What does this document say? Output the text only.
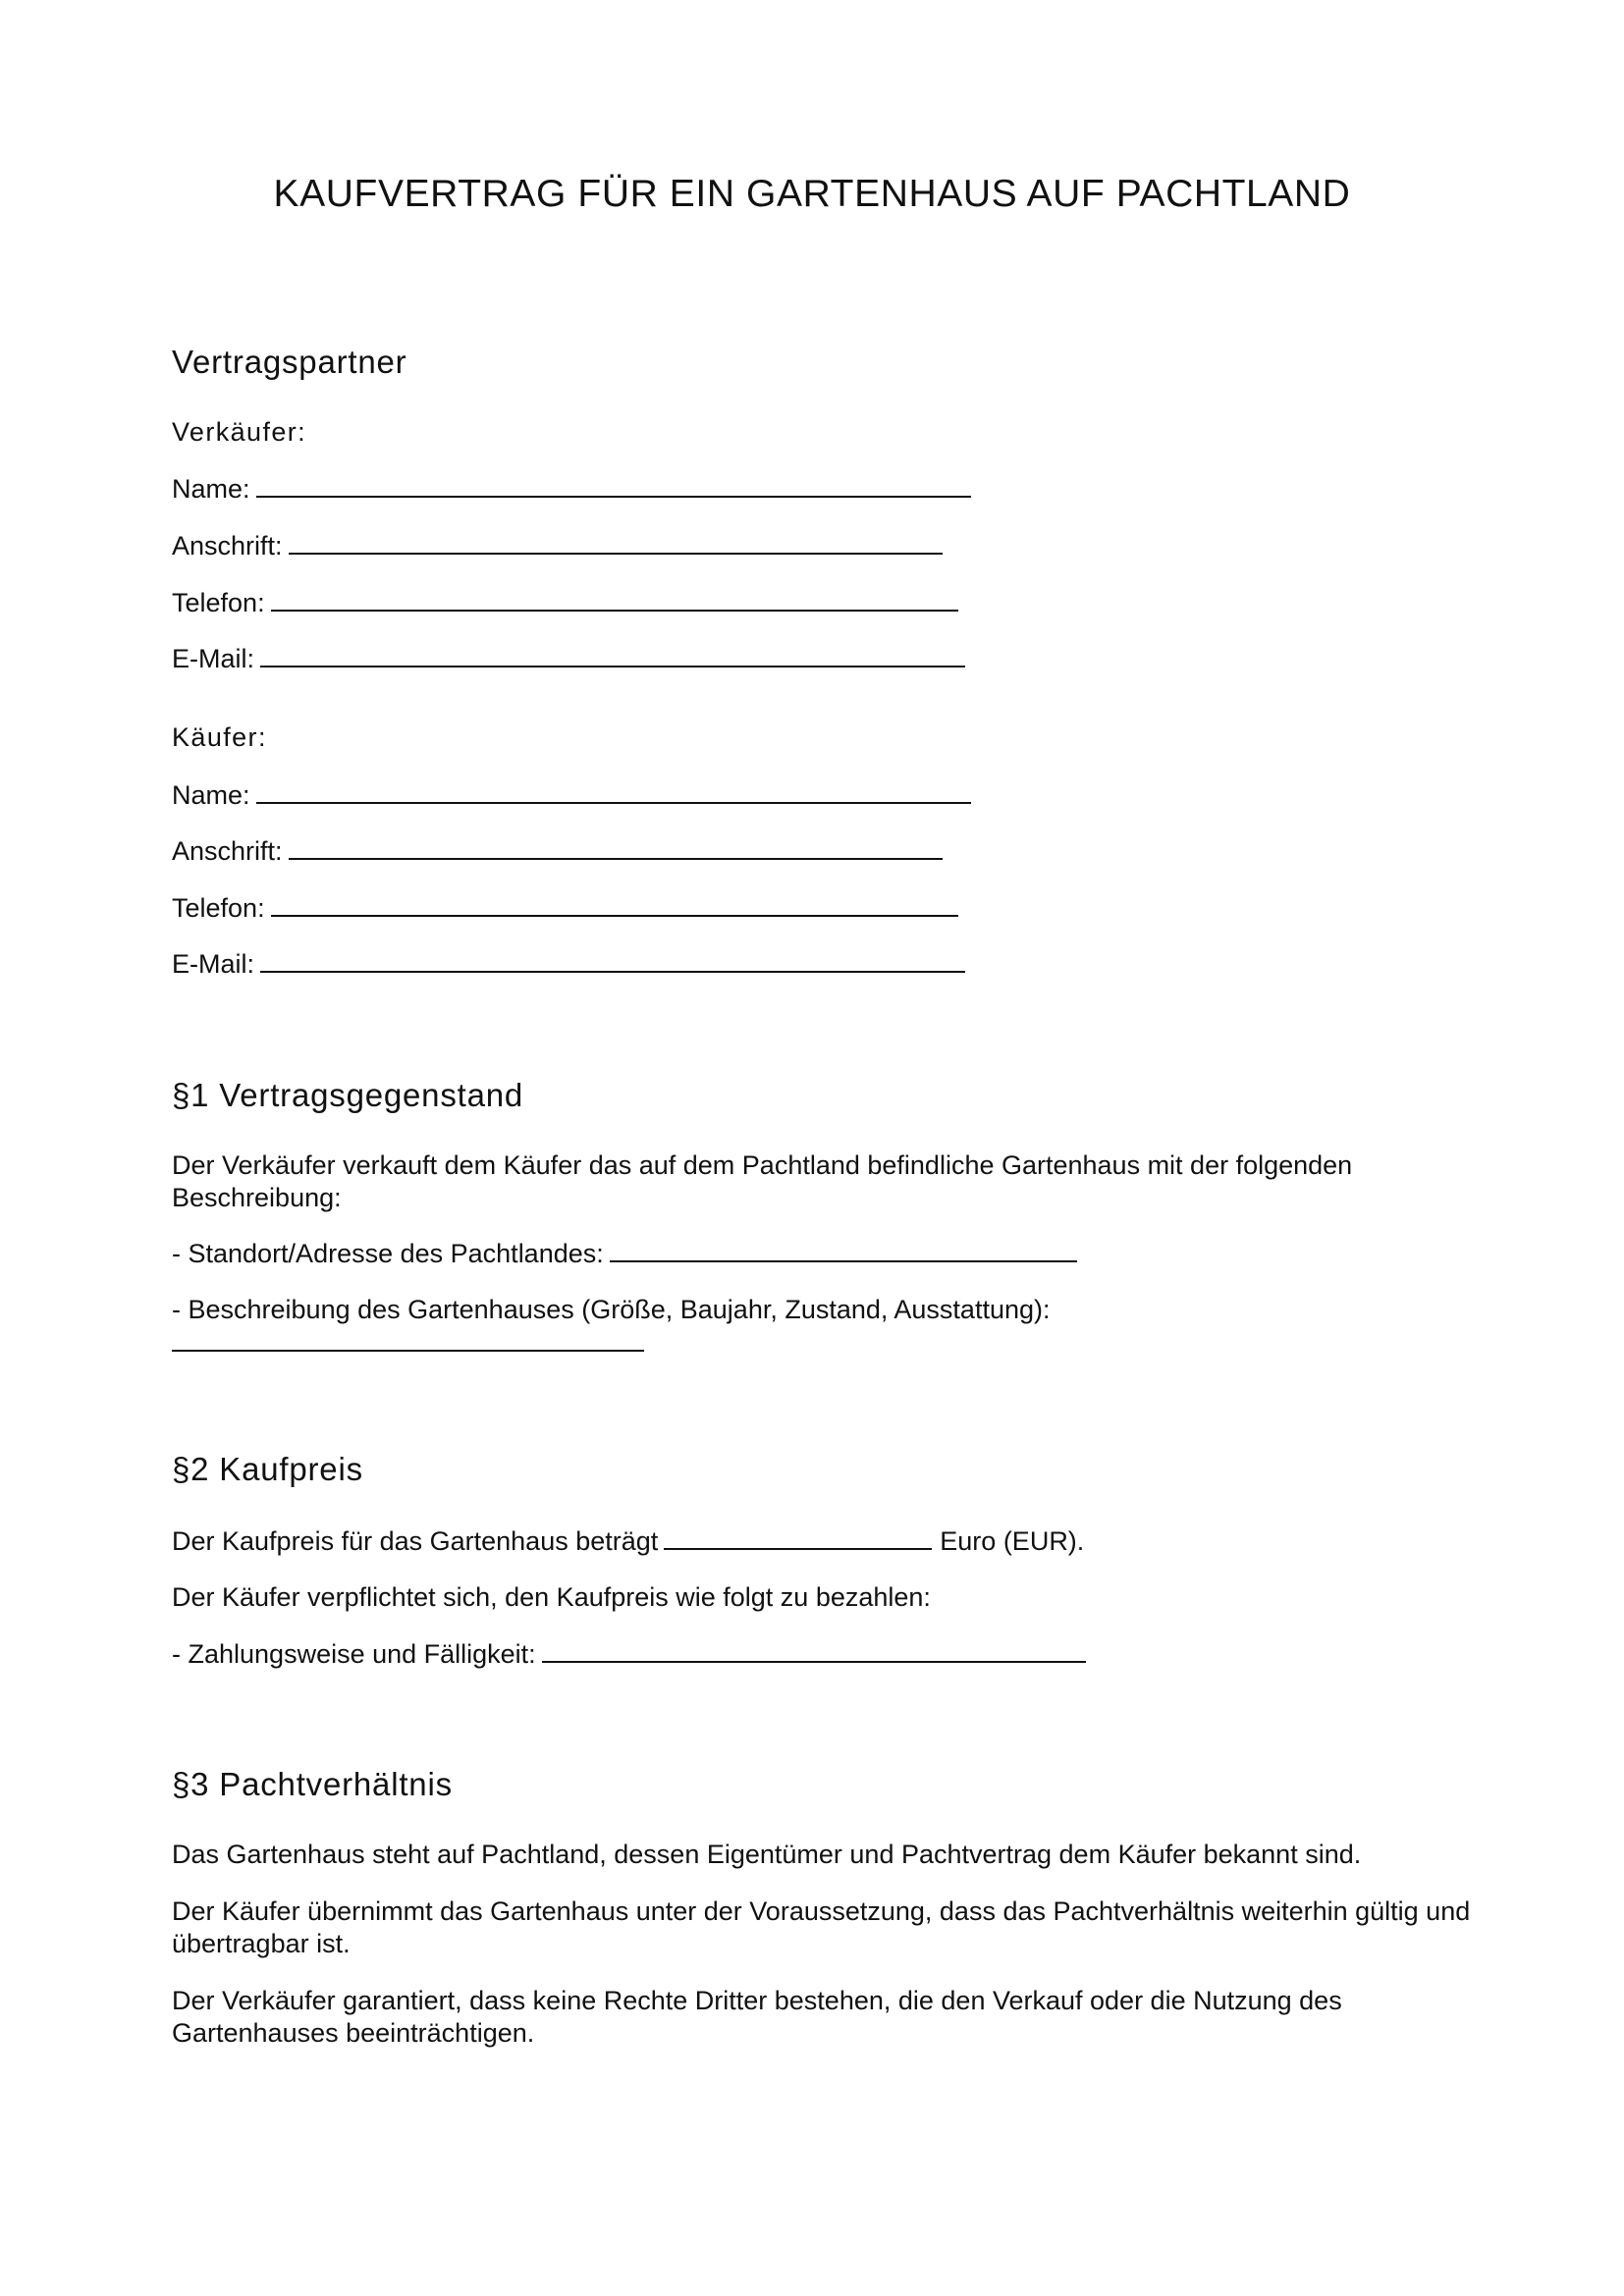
KAUFVERTRAG FÜR EIN GARTENHAUS AUF PACHTLAND
Vertragspartner
Verkäufer:
Name:
Anschrift:
Telefon:
E-Mail:
Käufer:
Name:
Anschrift:
Telefon:
E-Mail:
§1 Vertragsgegenstand
Der Verkäufer verkauft dem Käufer das auf dem Pachtland befindliche Gartenhaus mit der folgenden Beschreibung:
- Standort/Adresse des Pachtlandes:
- Beschreibung des Gartenhauses (Größe, Baujahr, Zustand, Ausstattung):
§2 Kaufpreis
Der Kaufpreis für das Gartenhaus beträgt	Euro (EUR).
Der Käufer verpflichtet sich, den Kaufpreis wie folgt zu bezahlen:
- Zahlungsweise und Fälligkeit:
§3 Pachtverhältnis
Das Gartenhaus steht auf Pachtland, dessen Eigentümer und Pachtvertrag dem Käufer bekannt sind.
Der Käufer übernimmt das Gartenhaus unter der Voraussetzung, dass das Pachtverhältnis weiterhin gültig und übertragbar ist.
Der Verkäufer garantiert, dass keine Rechte Dritter bestehen, die den Verkauf oder die Nutzung des Gartenhauses beeinträchtigen.
